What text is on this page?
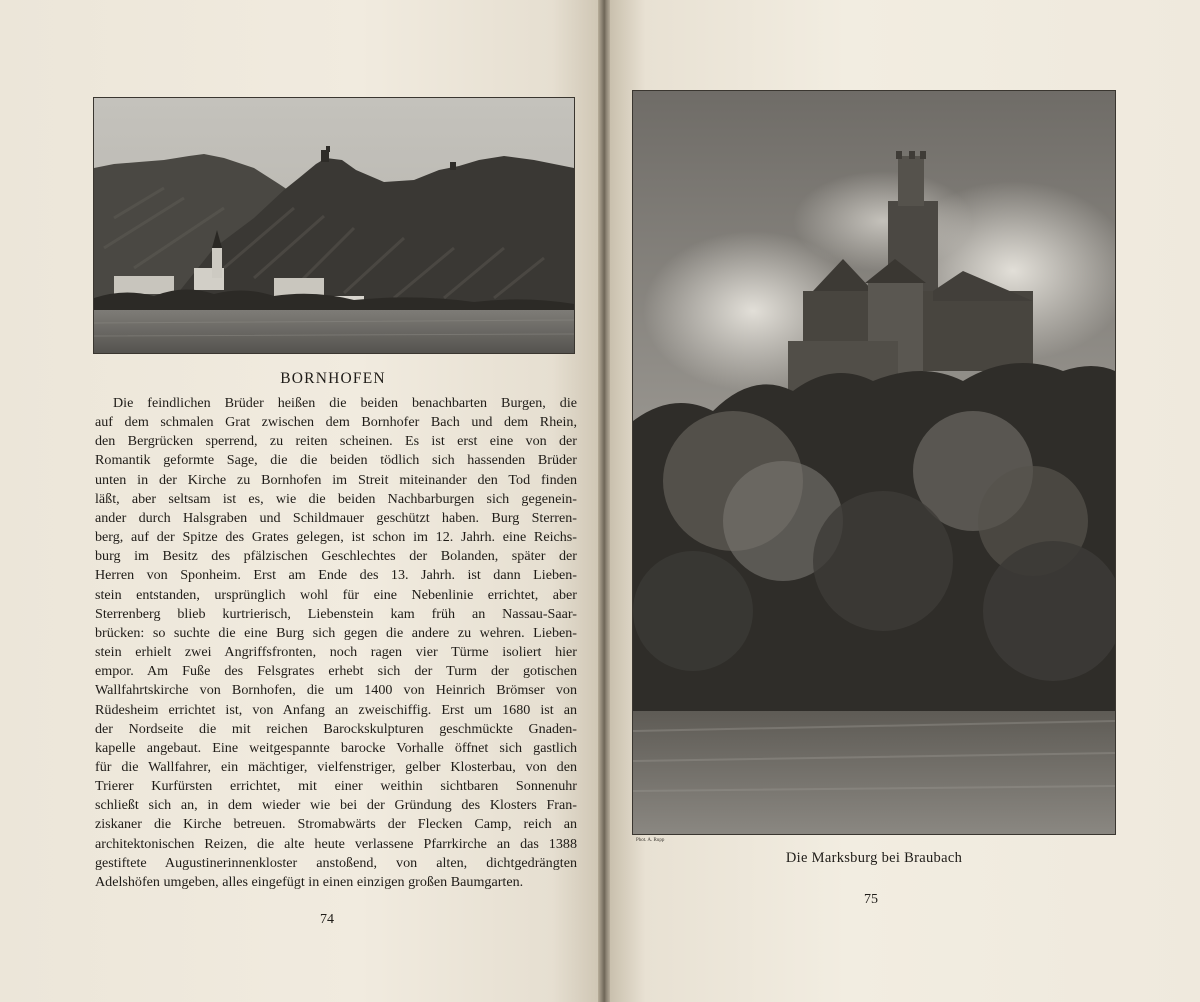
BORNHOFEN
Die feindlichen Brüder heißen die beiden benachbarten Burgen, die
auf dem schmalen Grat zwischen dem Bornhofer Bach und dem Rhein,
den Bergrücken sperrend, zu reiten scheinen. Es ist erst eine von der
Romantik geformte Sage, die die beiden tödlich sich hassenden Brüder
unten in der Kirche zu Bornhofen im Streit miteinander den Tod finden
läßt, aber seltsam ist es, wie die beiden Nachbarburgen sich gegenein-
ander durch Halsgraben und Schildmauer geschützt haben. Burg Sterren-
berg, auf der Spitze des Grates gelegen, ist schon im 12. Jahrh. eine Reichs-
burg im Besitz des pfälzischen Geschlechtes der Bolanden, später der
Herren von Sponheim. Erst am Ende des 13. Jahrh. ist dann Lieben-
stein entstanden, ursprünglich wohl für eine Nebenlinie errichtet, aber
Sterrenberg blieb kurtrierisch, Liebenstein kam früh an Nassau-Saar-
brücken: so suchte die eine Burg sich gegen die andere zu wehren. Lieben-
stein erhielt zwei Angriffsfronten, noch ragen vier Türme isoliert hier
empor. Am Fuße des Felsgrates erhebt sich der Turm der gotischen
Wallfahrtskirche von Bornhofen, die um 1400 von Heinrich Brömser von
Rüdesheim errichtet ist, von Anfang an zweischiffig. Erst um 1680 ist an
der Nordseite die mit reichen Barockskulpturen geschmückte Gnaden-
kapelle angebaut. Eine weitgespannte barocke Vorhalle öffnet sich gastlich
für die Wallfahrer, ein mächtiger, vielfenstriger, gelber Klosterbau, von den
Trierer Kurfürsten errichtet, mit einer weithin sichtbaren Sonnenuhr
schließt sich an, in dem wieder wie bei der Gründung des Klosters Fran-
ziskaner die Kirche betreuen. Stromabwärts der Flecken Camp, reich an
architektonischen Reizen, die alte heute verlassene Pfarrkirche an das 1388
gestiftete Augustinerinnenkloster anstoßend, von alten, dichtgedrängten
Adelshöfen umgeben, alles eingefügt in einen einzigen großen Baumgarten.
74
Phot. A. Rupp
Die Marksburg bei Braubach
75
